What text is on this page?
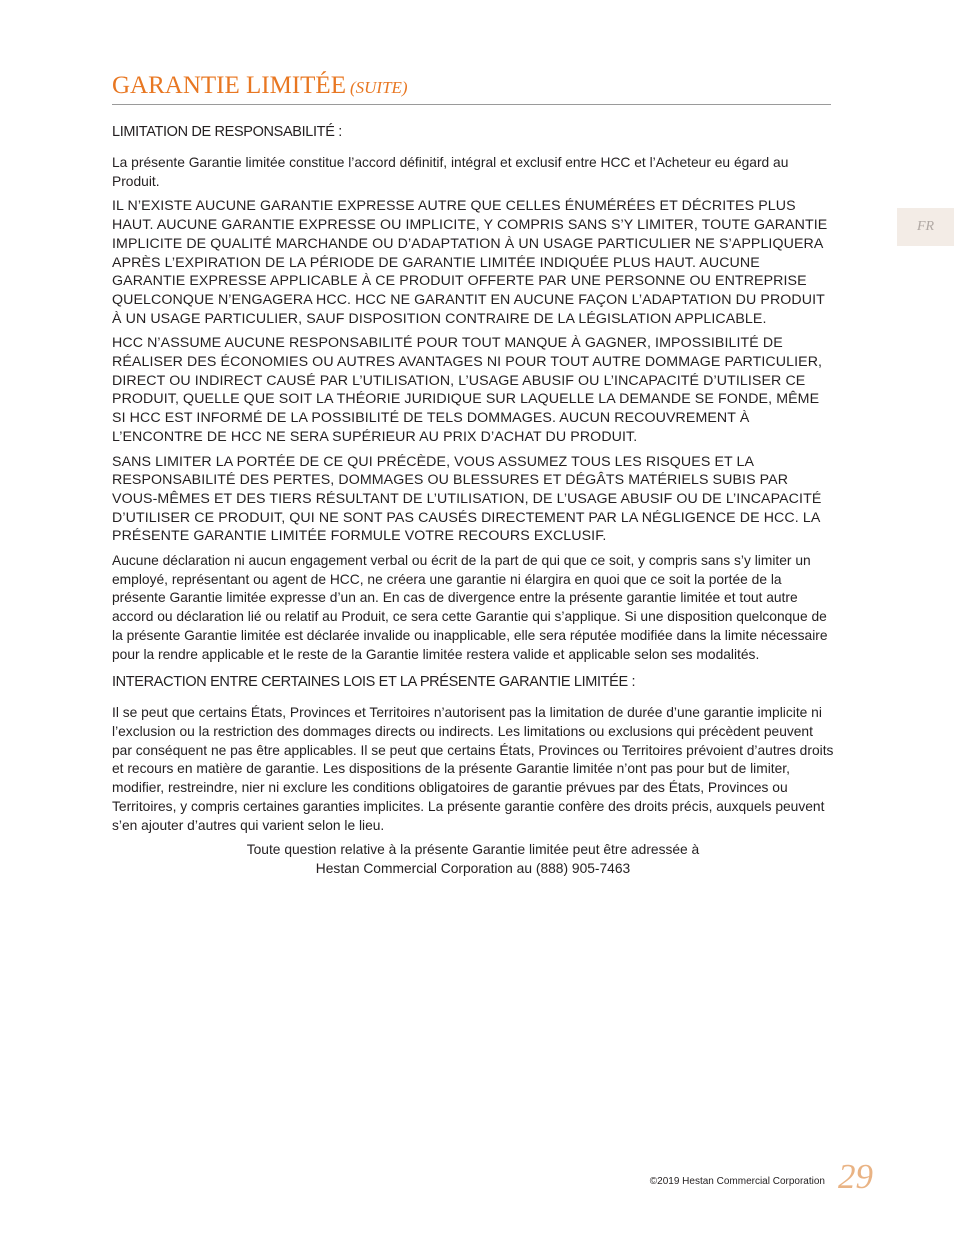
GARANTIE LIMITÉE (SUITE)
FR
LIMITATION DE RESPONSABILITÉ :

La présente Garantie limitée constitue l’accord définitif, intégral et exclusif entre HCC et l’Acheteur eu égard au Produit.

IL N’EXISTE AUCUNE GARANTIE EXPRESSE AUTRE QUE CELLES ÉNUMÉRÉES ET DÉCRITES PLUS HAUT. AUCUNE GARANTIE EXPRESSE OU IMPLICITE, Y COMPRIS SANS S’Y LIMITER, TOUTE GARANTIE IMPLICITE DE QUALITÉ MARCHANDE OU D’ADAPTATION À UN USAGE PARTICULIER NE S’APPLIQUERA APRÈS L’EXPIRATION DE LA PÉRIODE DE GARANTIE LIMITÉE INDIQUÉE PLUS HAUT. AUCUNE GARANTIE EXPRESSE APPLICABLE À CE PRODUIT OFFERTE PAR UNE PERSONNE OU ENTREPRISE QUELCONQUE N’ENGAGERA HCC. HCC NE GARANTIT EN AUCUNE FAÇON L’ADAPTATION DU PRODUIT À UN USAGE PARTICULIER, SAUF DISPOSITION CONTRAIRE DE LA LÉGISLATION APPLICABLE.

HCC N’ASSUME AUCUNE RESPONSABILITÉ POUR TOUT MANQUE À GAGNER, IMPOSSIBILITÉ DE RÉALISER DES ÉCONOMIES OU AUTRES AVANTAGES NI POUR TOUT AUTRE DOMMAGE PARTICULIER, DIRECT OU INDIRECT CAUSÉ PAR L’UTILISATION, L’USAGE ABUSIF OU L’INCAPACITÉ D’UTILISER CE PRODUIT, QUELLE QUE SOIT LA THÉORIE JURIDIQUE SUR LAQUELLE LA DEMANDE SE FONDE, MÊME SI HCC EST INFORMÉ DE LA POSSIBILITÉ DE TELS DOMMAGES. AUCUN RECOUVREMENT À L’ENCONTRE DE HCC NE SERA SUPÉRIEUR AU PRIX D’ACHAT DU PRODUIT.

SANS LIMITER LA PORTÉE DE CE QUI PRÉCÈDE, VOUS ASSUMEZ TOUS LES RISQUES ET LA RESPONSABILITÉ DES PERTES, DOMMAGES OU BLESSURES ET DÉGÂTS MATÉRIELS SUBIS PAR VOUS-MÊMES ET DES TIERS RÉSULTANT DE L’UTILISATION, DE L’USAGE ABUSIF OU DE L’INCAPACITÉ D’UTILISER CE PRODUIT, QUI NE SONT PAS CAUSÉS DIRECTEMENT PAR LA NÉGLIGENCE DE HCC. LA PRÉSENTE GARANTIE LIMITÉE FORMULE VOTRE RECOURS EXCLUSIF.

Aucune déclaration ni aucun engagement verbal ou écrit de la part de qui que ce soit, y compris sans s’y limiter un employé, représentant ou agent de HCC, ne créera une garantie ni élargira en quoi que ce soit la portée de la présente Garantie limitée expresse d’un an. En cas de divergence entre la présente garantie limitée et tout autre accord ou déclaration lié ou relatif au Produit, ce sera cette Garantie qui s’applique. Si une disposition quelconque de la présente Garantie limitée est déclarée invalide ou inapplicable, elle sera réputée modifiée dans la limite nécessaire pour la rendre applicable et le reste de la Garantie limitée restera valide et applicable selon ses modalités.

INTERACTION ENTRE CERTAINES LOIS ET LA PRÉSENTE GARANTIE LIMITÉE :

Il se peut que certains États, Provinces et Territoires n’autorisent pas la limitation de durée d’une garantie implicite ni l’exclusion ou la restriction des dommages directs ou indirects. Les limitations ou exclusions qui précèdent peuvent par conséquent ne pas être applicables. Il se peut que certains États, Provinces ou Territoires prévoient d’autres droits et recours en matière de garantie. Les dispositions de la présente Garantie limitée n’ont pas pour but de limiter, modifier, restreindre, nier ni exclure les conditions obligatoires de garantie prévues par des États, Provinces ou Territoires, y compris certaines garanties implicites. La présente garantie confère des droits précis, auxquels peuvent s’en ajouter d’autres qui varient selon le lieu.

Toute question relative à la présente Garantie limitée peut être adressée à
Hestan Commercial Corporation au (888) 905-7463

©2019 Hestan Commercial Corporation 29
